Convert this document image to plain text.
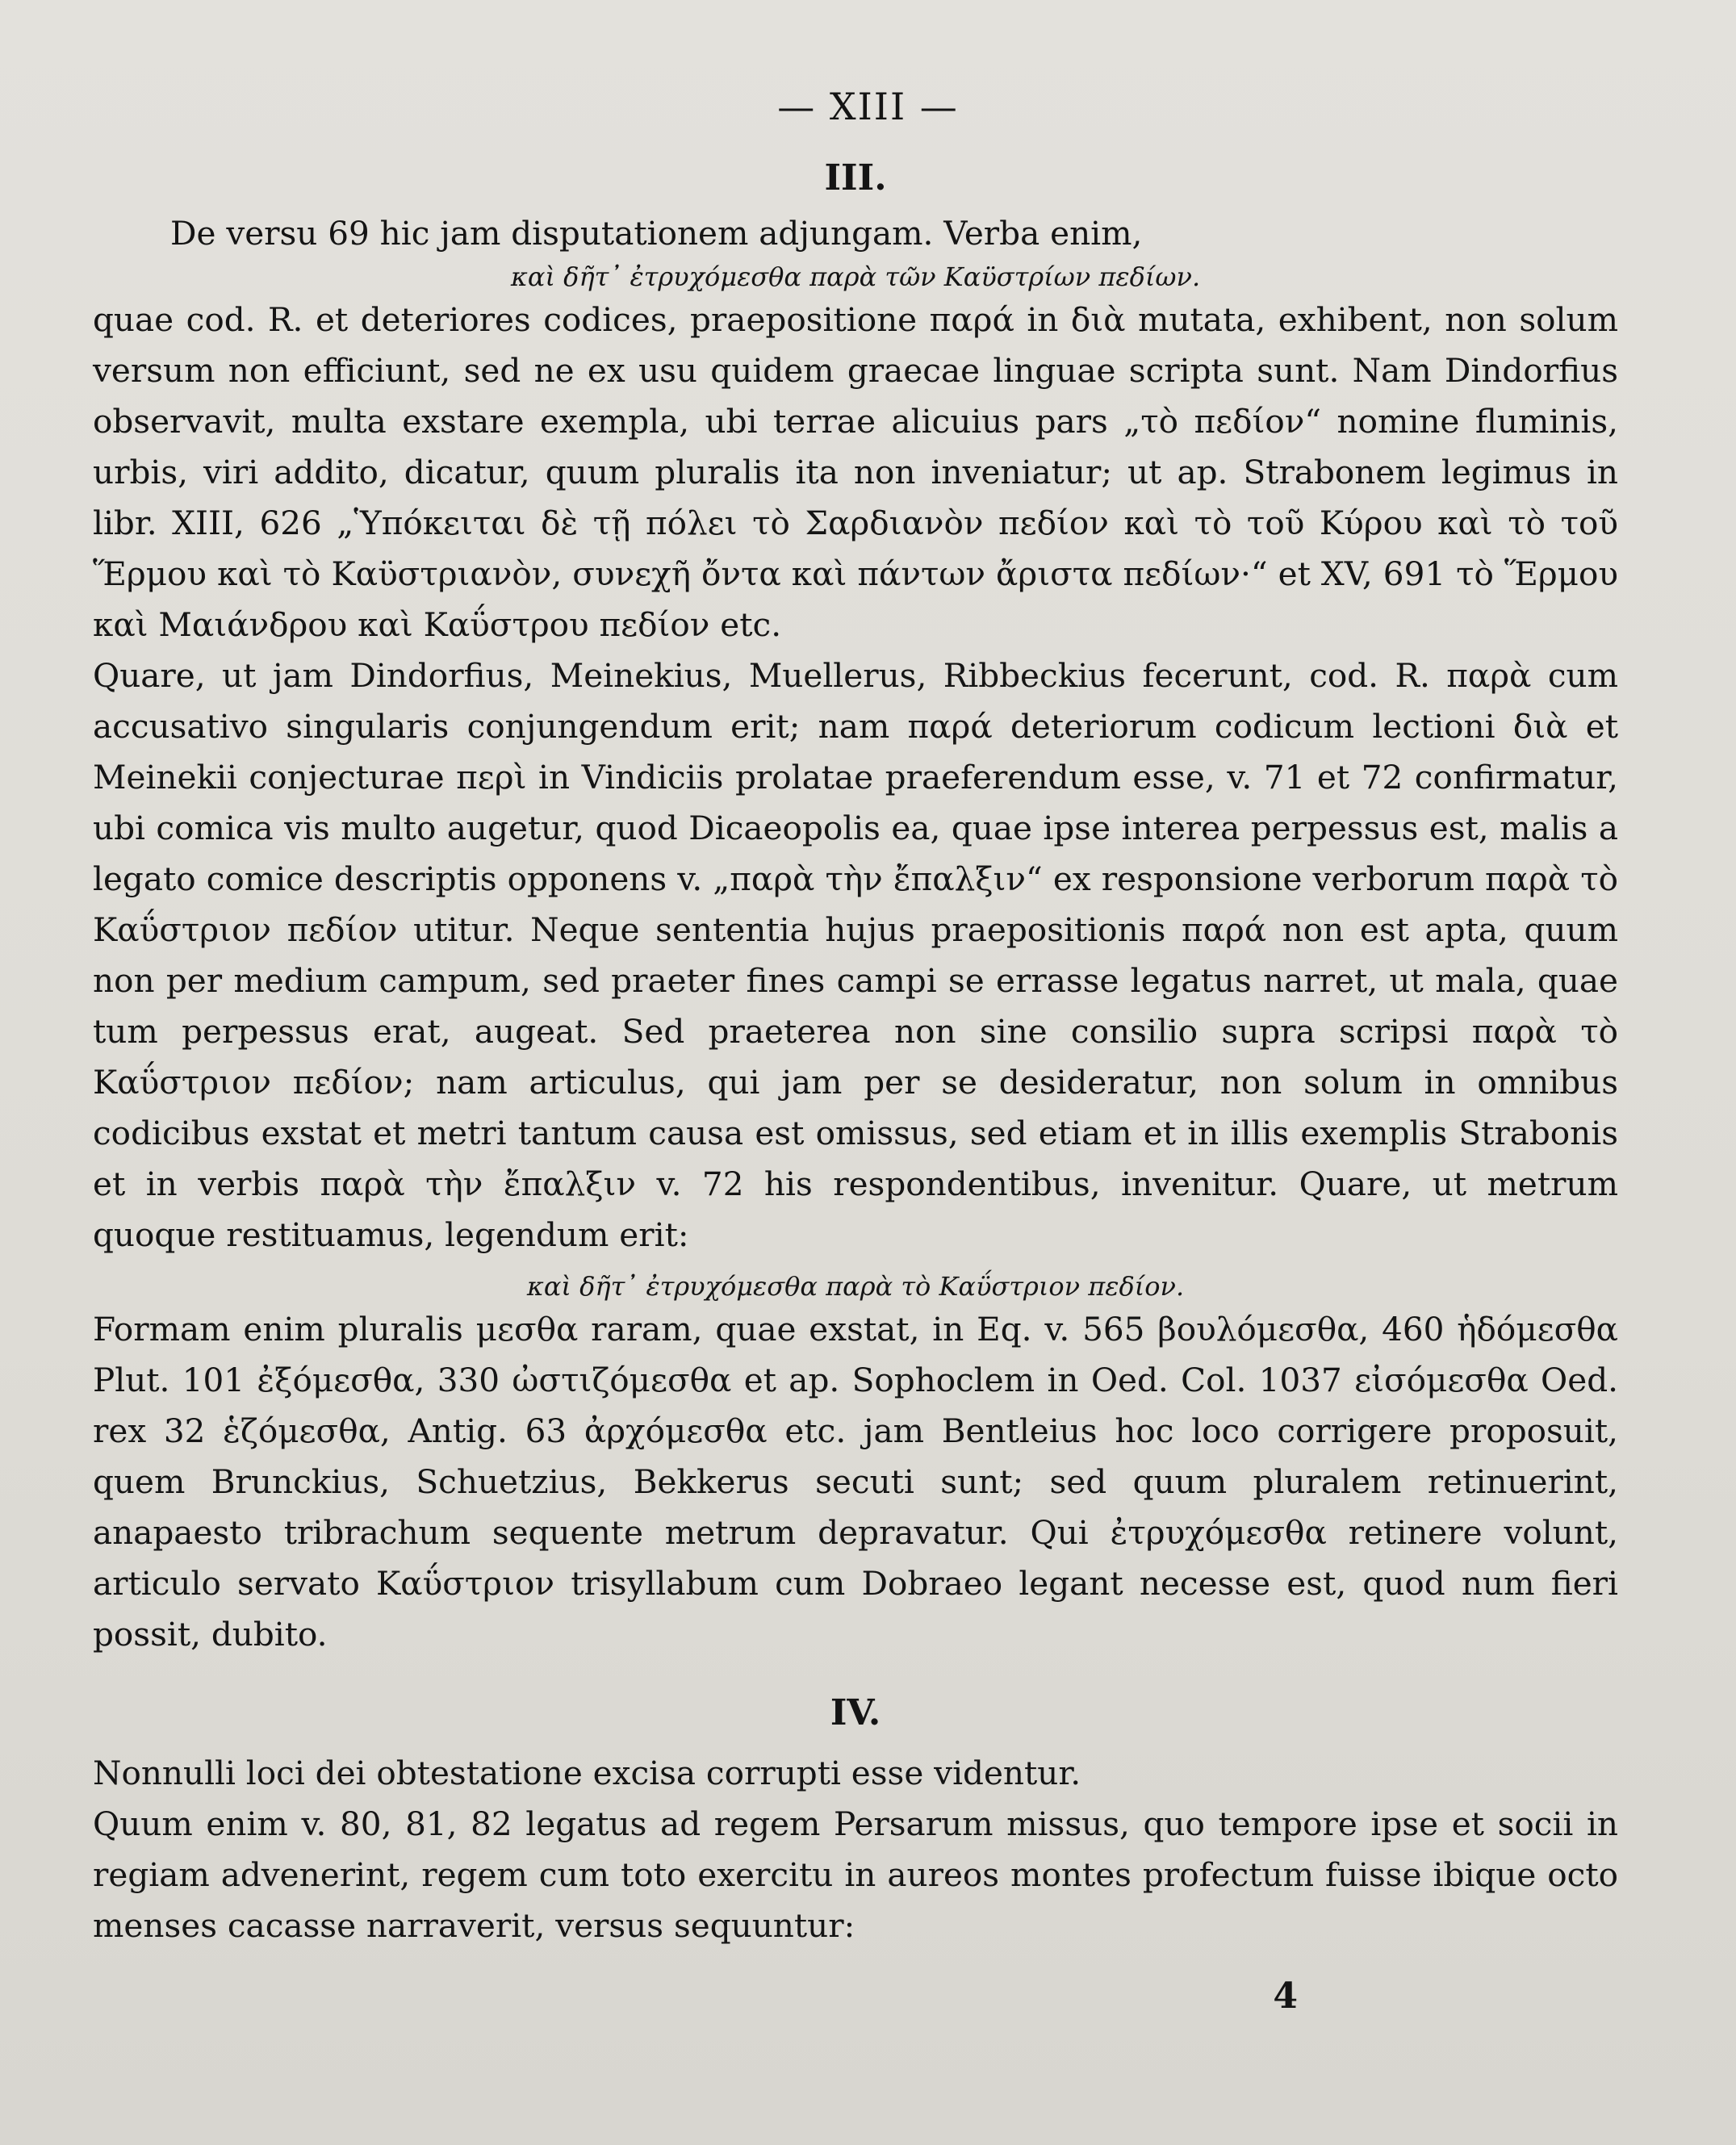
— XIII —
III.

De versu 69 hic jam disputationem adjungam. Verba enim,

καὶ δῆτ᾽ ἐτρυχόμεσθα παρὰ τῶν Καϋστρίων πεδίων.

quae cod. R. et deteriores codices, praepositione παρά in διὰ mutata, exhibent, non solum versum non efficiunt, sed ne ex usu quidem graecae linguae scripta sunt. Nam Dindorfius observavit, multa exstare exempla, ubi terrae alicuius pars „τὸ πεδίον“ nomine fluminis, urbis, viri addito, dicatur, quum pluralis ita non inveniatur; ut ap. Strabonem legimus in libr. XIII, 626 „Ὑπόκειται δὲ τῇ πόλει τὸ Σαρδιανὸν πεδίον καὶ τὸ τοῦ Κύρου καὶ τὸ τοῦ Ἕρμου καὶ τὸ Καϋστριανὸν, συνεχῆ ὄντα καὶ πάντων ἄριστα πεδίων·“ et XV, 691 τὸ Ἕρμου καὶ Μαιάνδρου καὶ Καΰστρου πεδίον etc.

Quare, ut jam Dindorfius, Meinekius, Muellerus, Ribbeckius fecerunt, cod. R. παρὰ cum accusativo singularis conjungendum erit; nam παρά deteriorum codicum lectioni διὰ et Meinekii conjecturae περὶ in Vindiciis prolatae praeferendum esse, v. 71 et 72 confirmatur, ubi comica vis multo augetur, quod Dicaeopolis ea, quae ipse interea perpessus est, malis a legato comice descriptis opponens v. „παρὰ τὴν ἔπαλξιν“ ex responsione verborum παρὰ τὸ Καΰστριον πεδίον utitur. Neque sententia hujus praepositionis παρά non est apta, quum non per medium campum, sed praeter fines campi se errasse legatus narret, ut mala, quae tum perpessus erat, augeat. Sed praeterea non sine consilio supra scripsi παρὰ τὸ Καΰστριον πεδίον; nam articulus, qui jam per se desideratur, non solum in omnibus codicibus exstat et metri tantum causa est omissus, sed etiam et in illis exemplis Strabonis et in verbis παρὰ τὴν ἔπαλξιν v. 72 his respondentibus, invenitur. Quare, ut metrum quoque restituamus, legendum erit:

καὶ δῆτ᾽ ἐτρυχόμεσθα παρὰ τὸ Καΰστριον πεδίον.

Formam enim pluralis μεσθα raram, quae exstat, in Eq. v. 565 βουλόμεσθα, 460 ἡδόμεσθα Plut. 101 ἐξόμεσθα, 330 ὠστιζόμεσθα et ap. Sophoclem in Oed. Col. 1037 εἰσόμεσθα Oed. rex 32 ἑζόμεσθα, Antig. 63 ἀρχόμεσθα etc. jam Bentleius hoc loco corrigere proposuit, quem Brunckius, Schuetzius, Bekkerus secuti sunt; sed quum pluralem retinuerint, anapaesto tribrachum sequente metrum depravatur. Qui ἐτρυχόμεσθα retinere volunt, articulo servato Καΰστριον trisyllabum cum Dobraeo legant necesse est, quod num fieri possit, dubito.

IV.

Nonnulli loci dei obtestatione excisa corrupti esse videntur.

Quum enim v. 80, 81, 82 legatus ad regem Persarum missus, quo tempore ipse et socii in regiam advenerint, regem cum toto exercitu in aureos montes profectum fuisse ibique octo menses cacasse narraverit, versus sequuntur:

4
